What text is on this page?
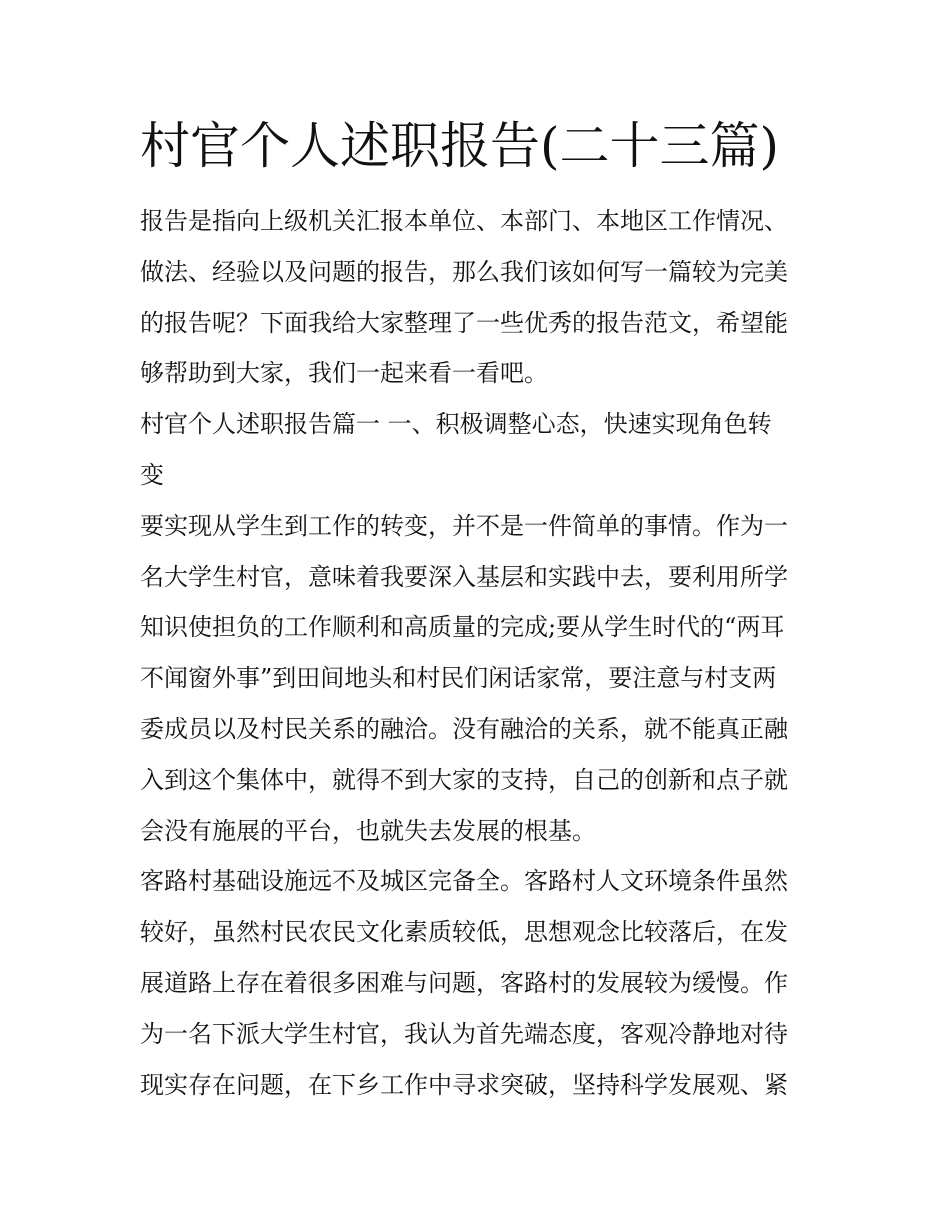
村官个人述职报告(二十三篇)

报告是指向上级机关汇报本单位、本部门、本地区工作情况、
做法、经验以及问题的报告，那么我们该如何写一篇较为完美
的报告呢？下面我给大家整理了一些优秀的报告范文，希望能
够帮助到大家，我们一起来看一看吧。

村官个人述职报告篇一 一、积极调整心态，快速实现角色转
变

要实现从学生到工作的转变，并不是一件简单的事情。作为一
名大学生村官，意味着我要深入基层和实践中去，要利用所学
知识使担负的工作顺利和高质量的完成;要从学生时代的“两耳
不闻窗外事”到田间地头和村民们闲话家常，要注意与村支两
委成员以及村民关系的融洽。没有融洽的关系，就不能真正融
入到这个集体中，就得不到大家的支持，自己的创新和点子就
会没有施展的平台，也就失去发展的根基。

客路村基础设施远不及城区完备全。客路村人文环境条件虽然
较好，虽然村民农民文化素质较低，思想观念比较落后，在发
展道路上存在着很多困难与问题，客路村的发展较为缓慢。作
为一名下派大学生村官，我认为首先端态度，客观冷静地对待
现实存在问题，在下乡工作中寻求突破，坚持科学发展观、紧
